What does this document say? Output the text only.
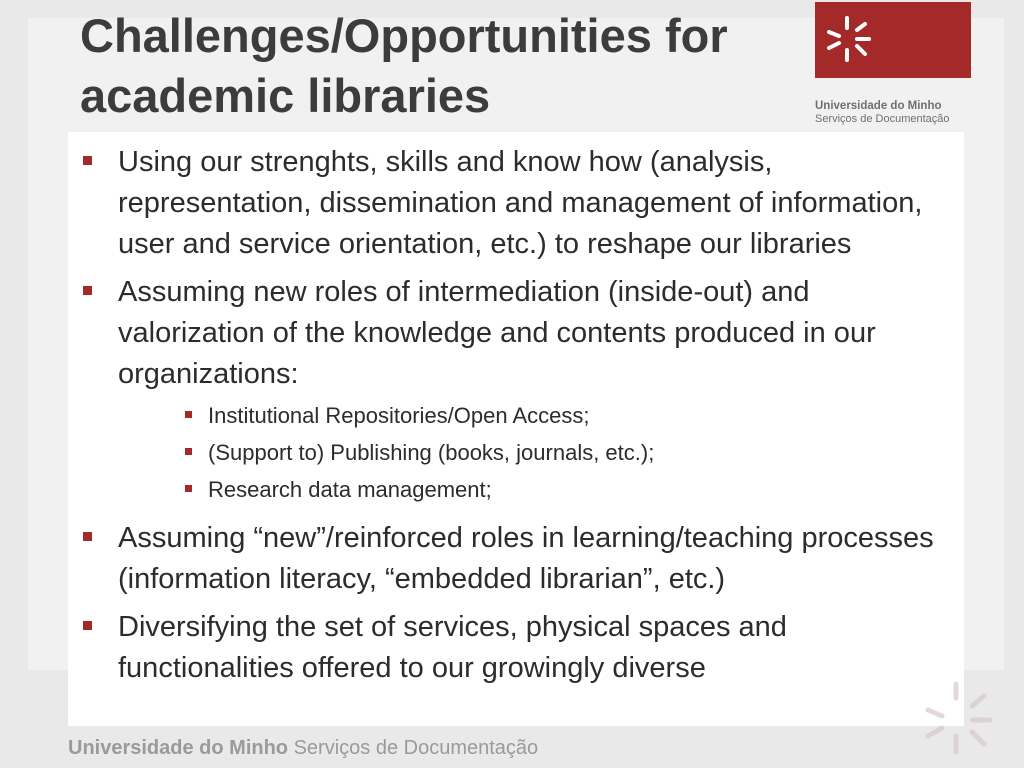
Universidade do Minho Serviços de Documentação
Challenges/Opportunities for academic libraries	Universidade do Minho
Serviços de Documentação
Using our strenghts, skills and know how (analysis, representation, dissemination and management of information, user and service orientation, etc.) to reshape our libraries
Assuming new roles of intermediation (inside-out) and valorization of the knowledge and contents produced in our organizations:
Institutional Repositories/Open Access;
(Support to) Publishing (books, journals, etc.);
Research data management;
Assuming “new”/reinforced roles in learning/teaching processes (information literacy, “embedded librarian”, etc.)
Diversifying the set of services, physical spaces and functionalities offered to our growingly diverse
